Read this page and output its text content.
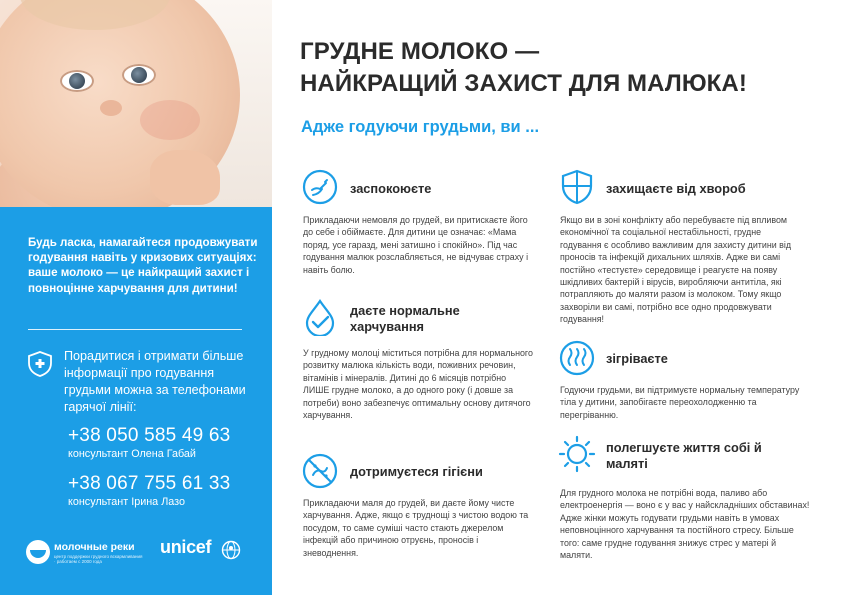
Будь ласка, намагайтеся продовжувати годування навіть у кризових ситуаціях: ваше молоко — це найкращий захист і повноцінне харчування для дитини!
Порадитися і отримати більше інформації про годування грудьми можна за телефонами гарячої лінії:
+38 050 585 49 63
консультант Олена Габай
+38 067 755 61 33
консультант Ірина Лазо
молочные реки
центр поддержки грудного вскармливания · работаем с 2000 года
unicef
ГРУДНЕ МОЛОКО —
НАЙКРАЩИЙ ЗАХИСТ ДЛЯ МАЛЮКА!
Адже годуючи грудьми, ви ...
заспокоюєте
Прикладаючи немовля до грудей, ви притискаєте його до себе і обіймаєте. Для дитини це означає: «Мама поряд, усе гаразд, мені затишно і спокійно». Під час годування малюк розслабляється, не відчуває страху і навіть болю.
даєте нормальне харчування
У грудному молоці міститься потрібна для нормального розвитку малюка кількість води, поживних речовин, вітамінів і мінералів. Дитині до 6 місяців потрібно ЛИШЕ грудне молоко, а до одного року (і довше за потреби) воно забезпечує оптимальну основу дитячого харчування.
дотримуєтеся гігієни
Прикладаючи маля до грудей, ви даєте йому чисте харчування. Адже, якщо є труднощі з чистою водою та посудом, то саме суміші часто стають джерелом інфекцій або причиною отруєнь, проносів і зневоднення.
захищаєте від хвороб
Якщо ви в зоні конфлікту або перебуваєте під впливом економічної та соціальної нестабільності, грудне годування є особливо важливим для захисту дитини від проносів та інфекцій дихальних шляхів. Адже ви самі постійно «тестуєте» середовище і реагуєте на появу шкідливих бактерій і вірусів, виробляючи антитіла, які потрапляють до маляти разом із молоком. Тому якщо захворіли ви самі, потрібно все одно продовжувати годування!
зігріваєте
Годуючи грудьми, ви підтримуєте нормальну температуру тіла у дитини, запобігаєте переохолодженню та перегріванню.
полегшуєте життя собі й маляті
Для грудного молока не потрібні вода, паливо або електроенергія — воно є у вас у найскладніших обставинах! Адже жінки можуть годувати грудьми навіть в умовах неповноцінного харчування та постійного стресу. Більше того: саме грудне годування знижує стрес у матері й маляти.
